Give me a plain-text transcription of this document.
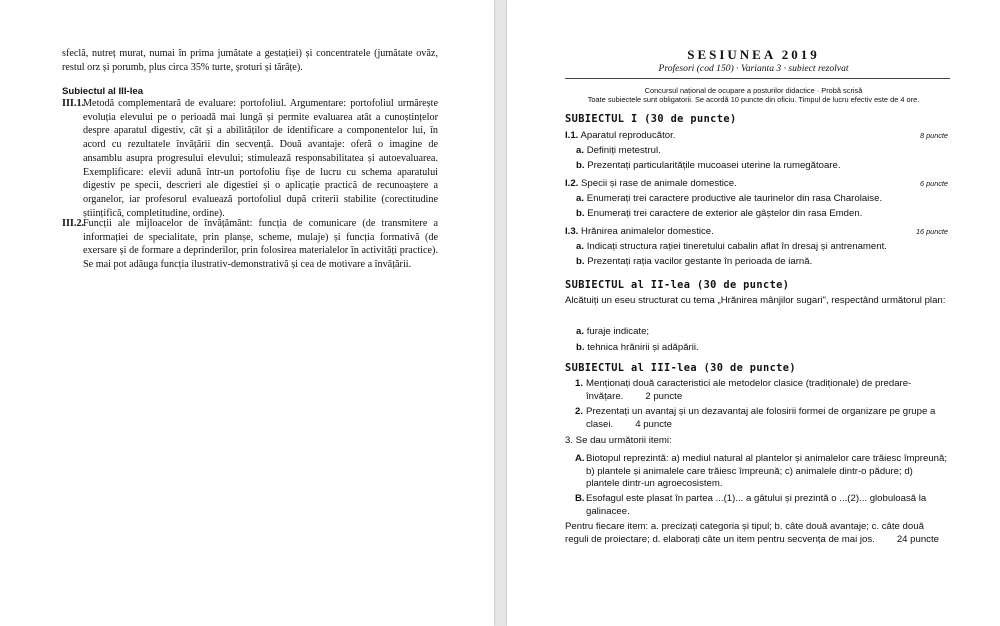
sfeclă, nutreț murat, numai în prima jumătate a gestației) și concentratele (jumătate ovăz, restul orz și porumb, plus circa 35% turte, șroturi și tărâțe).
Subiectul al III-lea
III.1.
Metodă complementară de evaluare: portofoliul. Argumentare: portofoliul urmărește evoluția elevului pe o perioadă mai lungă și permite evaluarea atât a cunoștințelor despre aparatul digestiv, cât și a abilităților de identificare a componentelor lui, în acord cu rezultatele învățării din secvență. Două avantaje: oferă o imagine de ansamblu asupra progresului elevului; stimulează responsabilitatea și autoevaluarea. Exemplificare: elevii adună într-un portofoliu fișe de lucru cu schema aparatului digestiv pe specii, descrieri ale digestiei și o aplicație practică de recunoaștere a organelor, iar profesorul evaluează portofoliul după criterii stabilite (corectitudine științifică, completitudine, ordine).
III.2.
Funcții ale mijloacelor de învățământ: funcția de comunicare (de transmitere a informației de specialitate, prin planșe, scheme, mulaje) și funcția formativă (de exersare și de formare a deprinderilor, prin folosirea materialelor în activități practice). Se mai pot adăuga funcția ilustrativ-demonstrativă și cea de motivare a învățării.
SESIUNEA 2019
Profesori (cod 150) · Varianta 3 · subiect rezolvat
Concursul național de ocupare a posturilor didactice · Probă scrisă
Toate subiectele sunt obligatorii. Se acordă 10 puncte din oficiu. Timpul de lucru efectiv este de 4 ore.
SUBIECTUL I (30 de puncte)
I.1. Aparatul reproducător.	8 puncte
a. Definiți metestrul.
b. Prezentați particularitățile mucoasei uterine la rumegătoare.
I.2. Specii și rase de animale domestice.	6 puncte
a. Enumerați trei caractere productive ale taurinelor din rasa Charolaise.
b. Enumerați trei caractere de exterior ale gâștelor din rasa Emden.
I.3. Hrănirea animalelor domestice.	16 puncte
a. Indicați structura rației tineretului cabalin aflat în dresaj și antrenament.
b. Prezentați rația vacilor gestante în perioada de iarnă.
SUBIECTUL al II-lea (30 de puncte)
Alcătuiți un eseu structurat cu tema „Hrănirea mânjilor sugari", respectând următorul plan:
a. furaje indicate;
b. tehnica hrănirii și adăpării.
SUBIECTUL al III-lea (30 de puncte)
1. Menționați două caracteristici ale metodelor clasice (tradiționale) de predare-învățare. 2 puncte
2. Prezentați un avantaj și un dezavantaj ale folosirii formei de organizare pe grupe a clasei. 4 puncte
3. Se dau următorii itemi:
A. Biotopul reprezintă: a) mediul natural al plantelor și animalelor care trăiesc împreună; b) plantele și animalele care trăiesc împreună; c) animalele dintr-o pădure; d) plantele dintr-un agroecosistem.
B. Esofagul este plasat în partea ...(1)... a gâtului și prezintă o ...(2)... globuloasă la galinacee.
Pentru fiecare item: a. precizați categoria și tipul; b. câte două avantaje; c. câte două reguli de proiectare; d. elaborați câte un item pentru secvența de mai jos. 24 puncte
